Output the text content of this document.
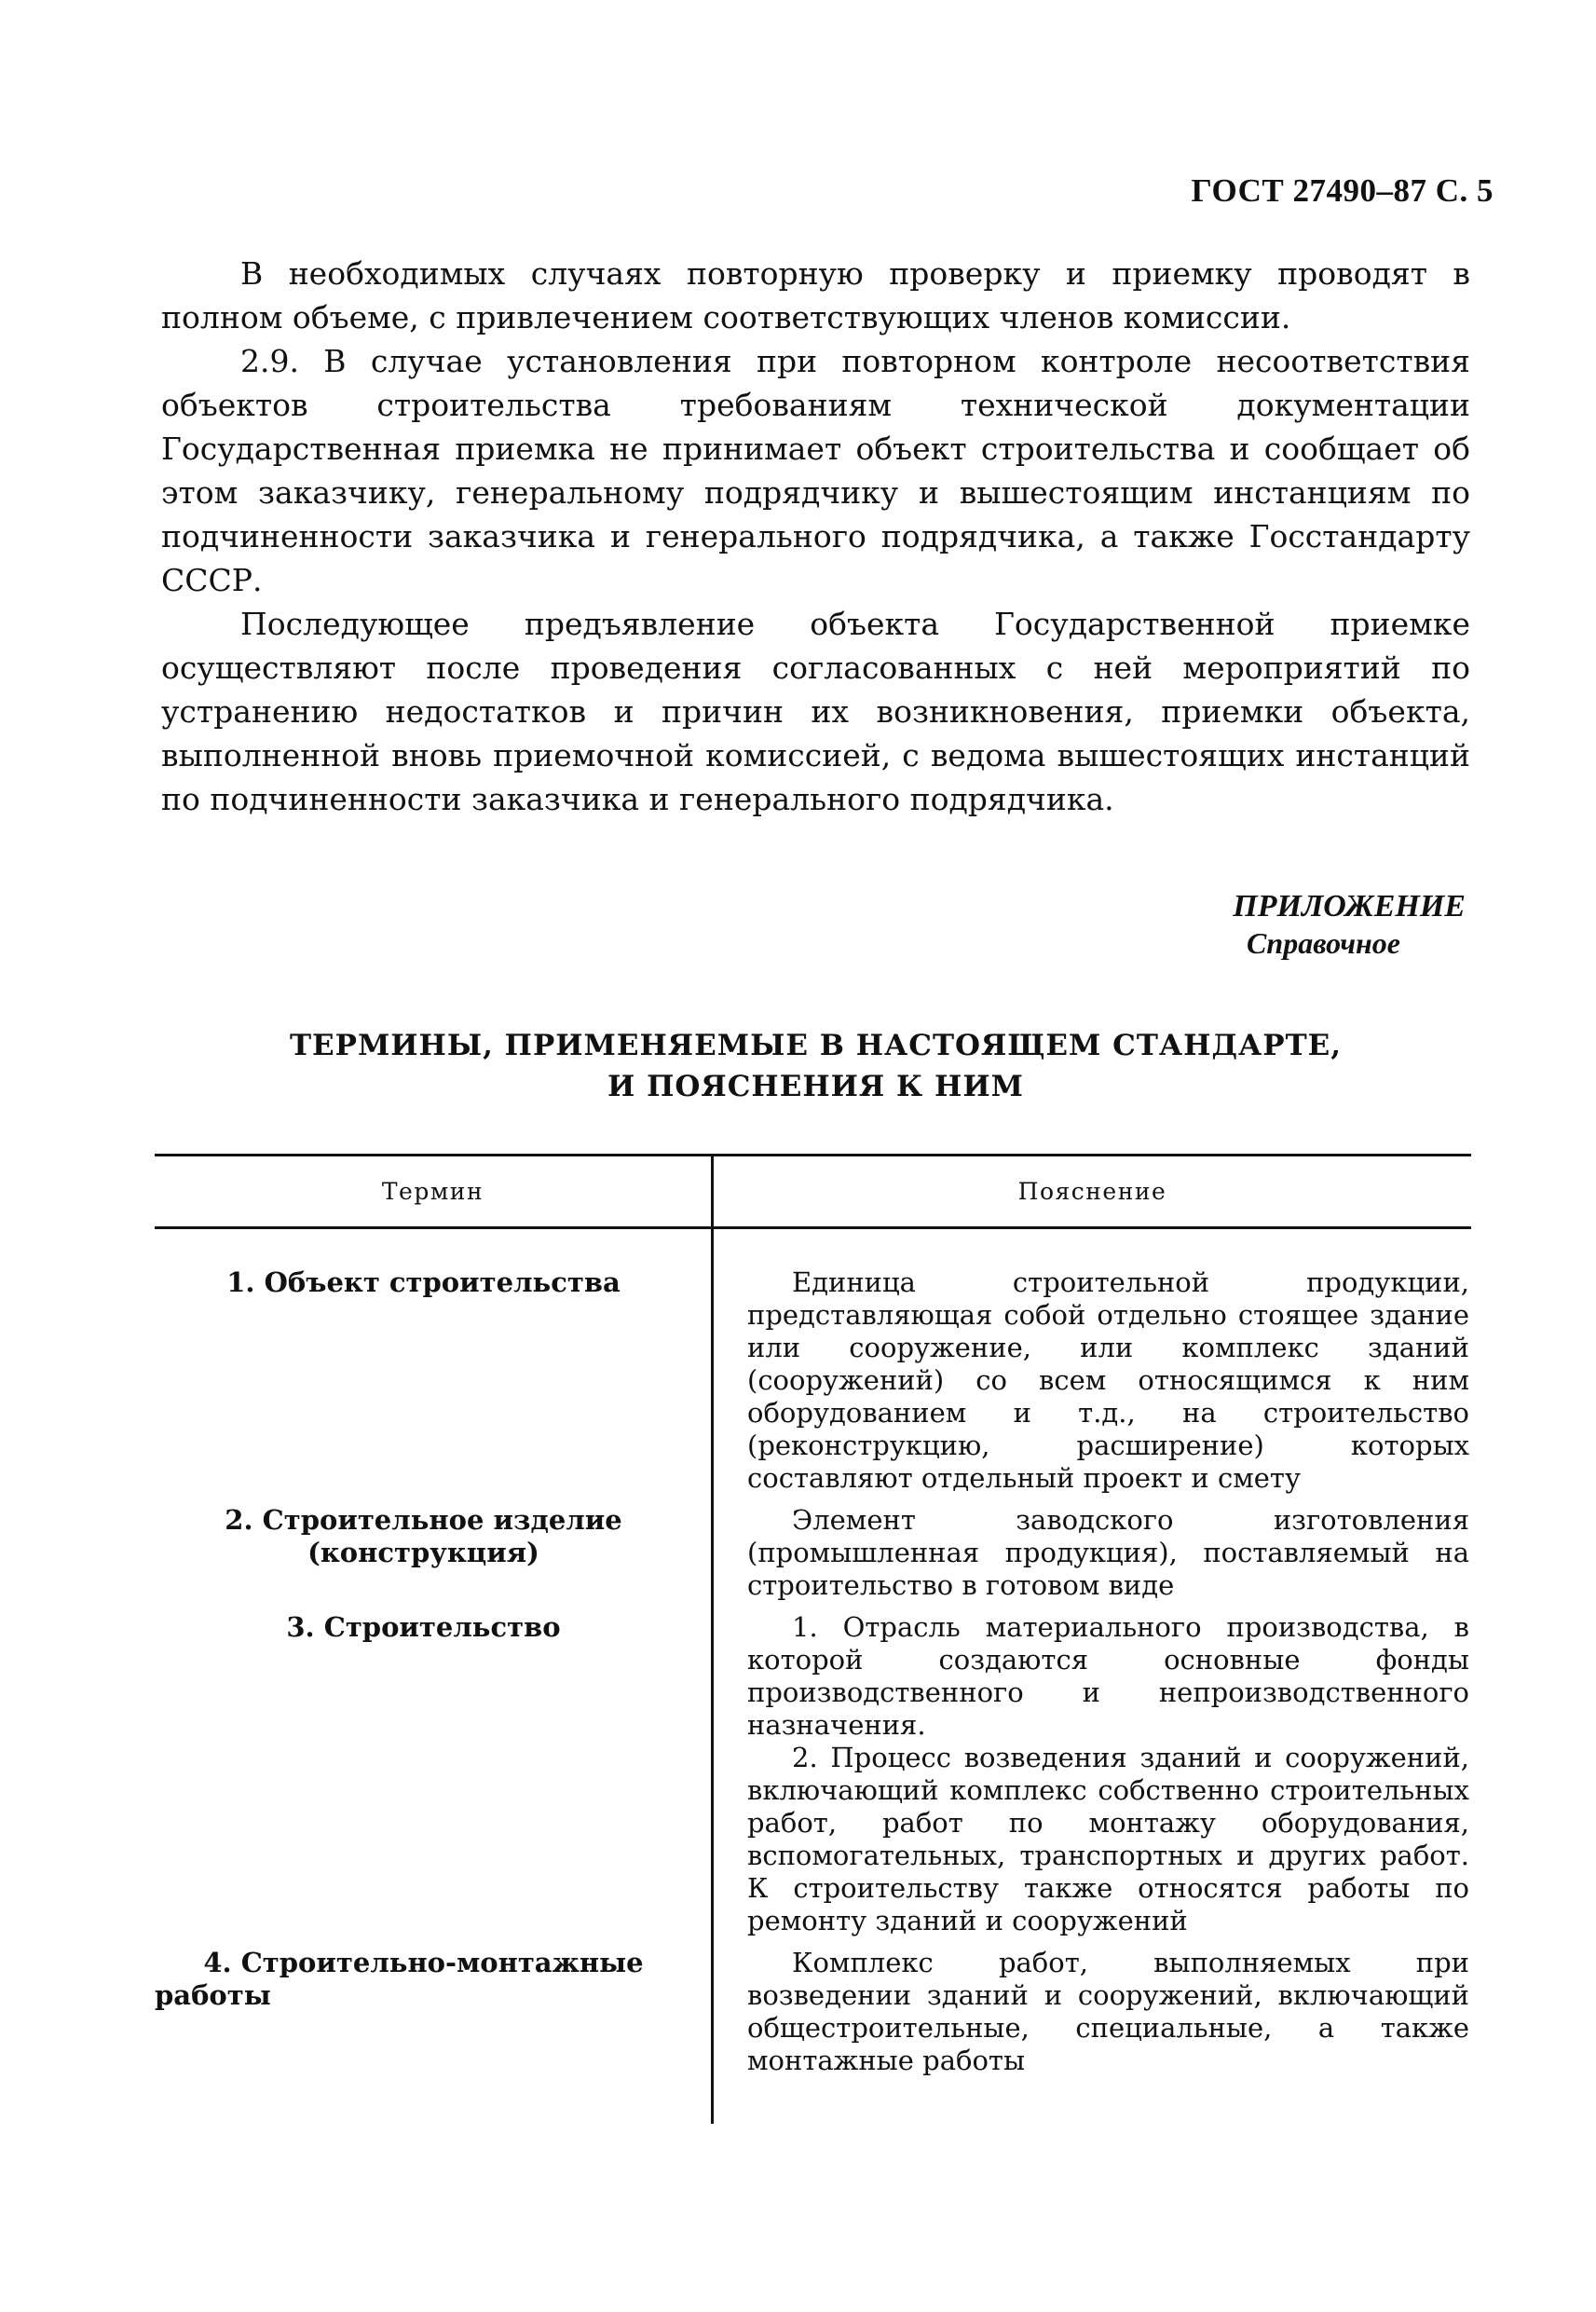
ГОСТ 27490–87 С. 5

В необходимых случаях повторную проверку и приемку проводят в полном объеме, с привлечением соответствующих членов комиссии.

2.9. В случае установления при повторном контроле несоответствия объектов строительства требованиям технической документации Государственная приемка не принимает объект строительства и сообщает об этом заказчику, генеральному подрядчику и вышестоящим инстанциям по подчиненности заказчика и генерального подрядчика, а также Госстандарту СССР.

Последующее предъявление объекта Государственной приемке осуществляют после проведения согласованных с ней мероприятий по устранению недостатков и причин их возникновения, приемки объекта, выполненной вновь приемочной комиссией, с ведома вышестоящих инстанций по подчиненности заказчика и генерального подрядчика.

ПРИЛОЖЕНИЕ
Справочное
ТЕРМИНЫ, ПРИМЕНЯЕМЫЕ В НАСТОЯЩЕМ СТАНДАРТЕ,
И ПОЯСНЕНИЯ К НИМ
Термин	Пояснение
1. Объект строительства	Единица строительной продукции, представляющая собой отдельно стоящее здание или сооружение, или комплекс зданий (сооружений) со всем относящимся к ним оборудованием и т.д., на строительство (реконструкцию, расширение) которых составляют отдельный проект и смету

2. Строительное изделие
(конструкция)	Элемент заводского изготовления (промышленная продукция), поставляемый на строительство в готовом виде
3. Строительство	1. Отрасль материального производства, в которой создаются основные фонды производственного и непроизводственного назначения.
	2. Процесс возведения зданий и сооружений, включающий комплекс собственно строительных работ, работ по монтажу оборудования, вспомогательных, транспортных и других работ. К строительству также относятся работы по ремонту зданий и сооружений

4. Строительно-монтажные
работы	Комплекс работ, выполняемых при возведении зданий и сооружений, включающий общестроительные, специальные, а также монтажные работы
